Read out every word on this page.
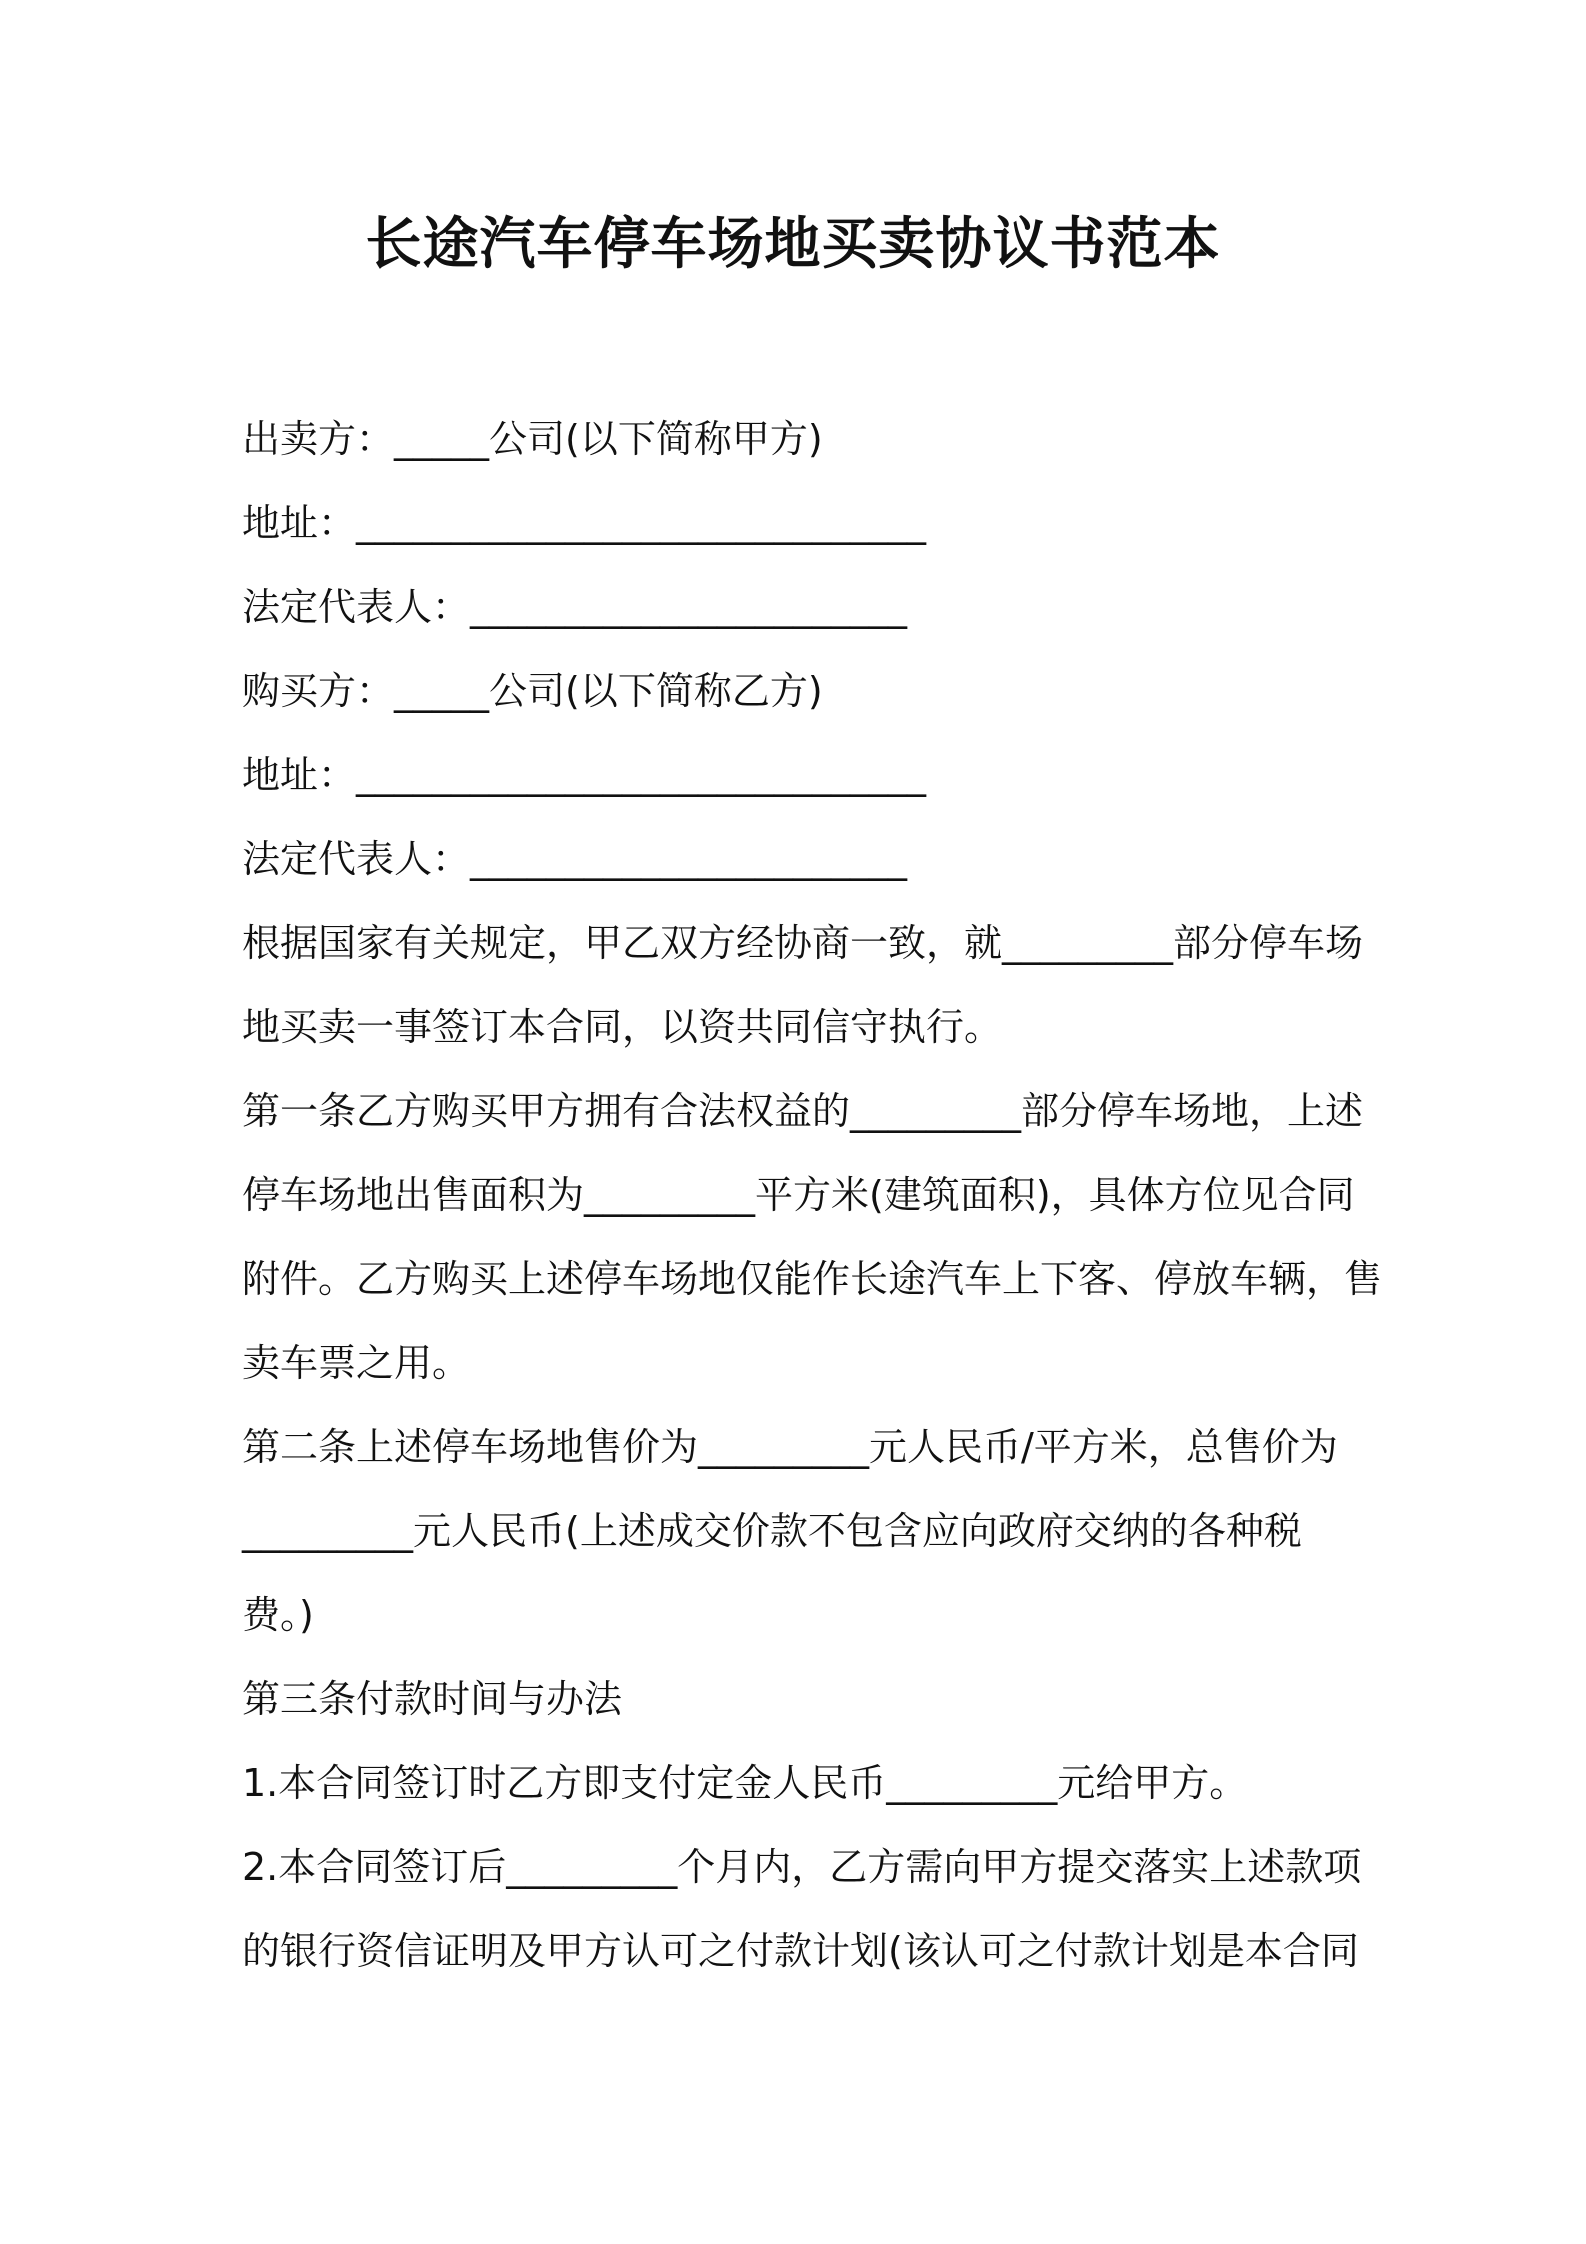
长途汽车停车场地买卖协议书范本
出卖方：_____公司(以下简称甲方)
地址：______________________________
法定代表人：_______________________
购买方：_____公司(以下简称乙方)
地址：______________________________
法定代表人：_______________________
根据国家有关规定，甲乙双方经协商一致，就_________部分停车场
地买卖一事签订本合同，以资共同信守执行。
第一条乙方购买甲方拥有合法权益的_________部分停车场地，上述
停车场地出售面积为_________平方米(建筑面积)，具体方位见合同
附件。乙方购买上述停车场地仅能作长途汽车上下客、停放车辆，售
卖车票之用。
第二条上述停车场地售价为_________元人民币/平方米，总售价为
_________元人民币(上述成交价款不包含应向政府交纳的各种税
费。)
第三条付款时间与办法
1.本合同签订时乙方即支付定金人民币_________元给甲方。
2.本合同签订后_________个月内，乙方需向甲方提交落实上述款项
的银行资信证明及甲方认可之付款计划(该认可之付款计划是本合同
